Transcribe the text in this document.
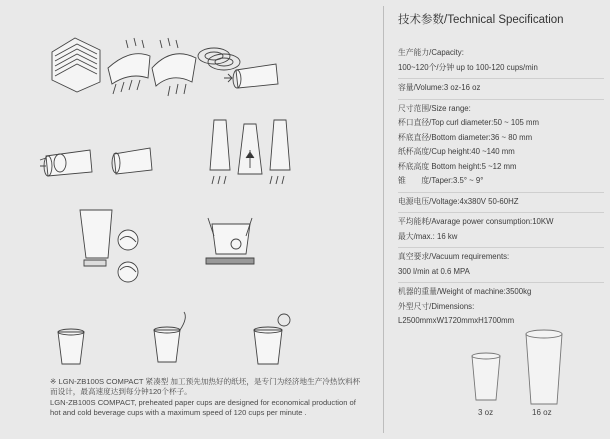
※ LGN-ZB100S COMPACT 紧凑型 加工预先加热好的纸坯，是专门为经济地生产冷热饮料杯而设计，最高速度达到每分钟120个杯子。

LGN-ZB100S COMPACT, preheated paper cups are designed for economical production of hot and cold beverage cups with a maximum speed of 120 cups per minute .

技术参数/Technical Specification
生产能力/Capacity:
100~120个/分钟 up to 100-120 cups/min
容量/Volume:3 oz-16 oz
尺寸范围/Size range:
杯口直径/Top curl diameter:50 ~ 105 mm
杯底直径/Bottom diameter:36 ~ 80 mm
纸杯高度/Cup height:40 ~140 mm
杯底高度 Bottom height:5 ~12 mm
锥　　度/Taper:3.5° ~ 9°
电源电压/Voltage:4x380V 50-60HZ
平均能耗/Avarage power consumption:10KW
最大/max.: 16 kw
真空要求/Vacuum requirements:
300 l/min at 0.6 MPA
机器的重量/Weight of machine:3500kg
外型尺寸/Dimensions:
L2500mmxW1720mmxH1700mm
3 oz	16 oz
